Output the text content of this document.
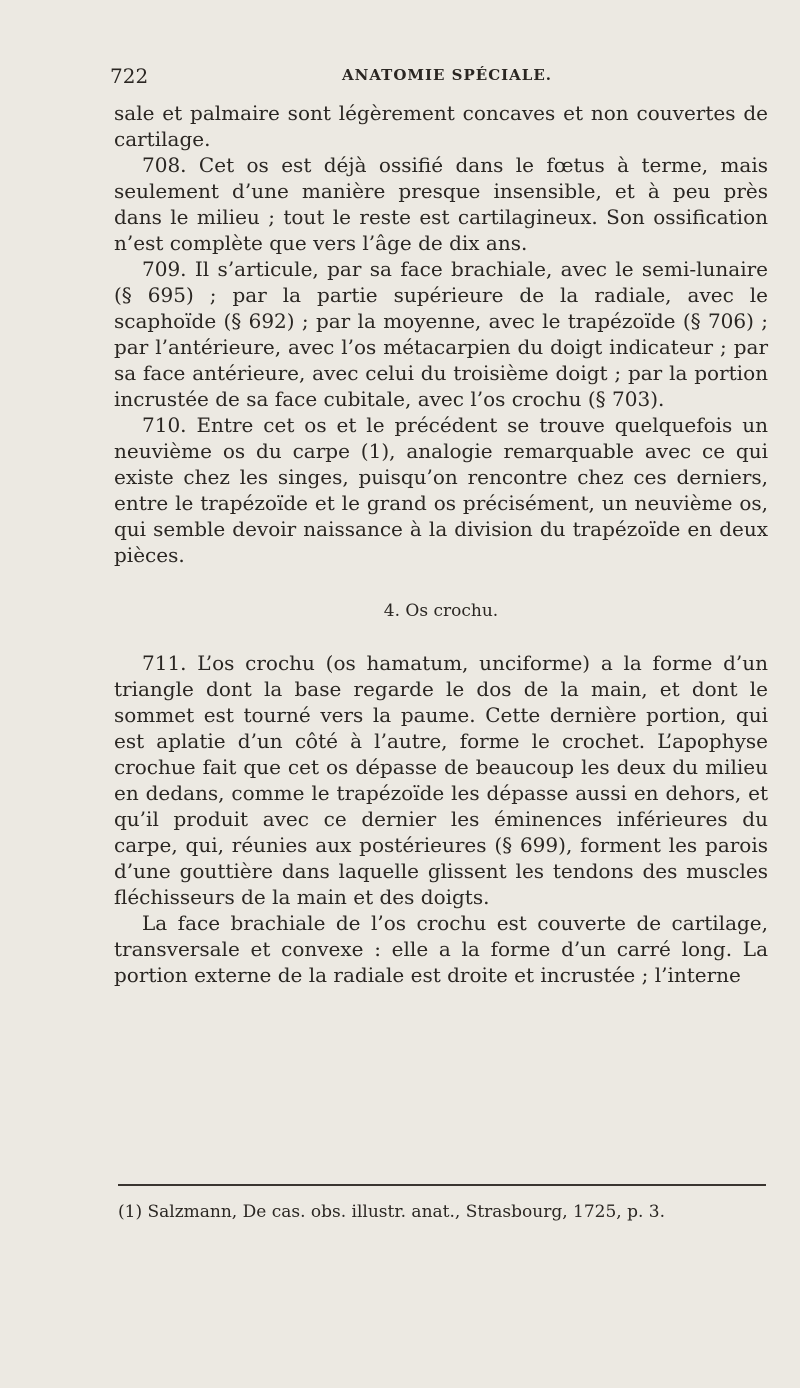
722	ANATOMIE SPÉCIALE.

sale et palmaire sont légèrement concaves et non couvertes de cartilage.

708. Cet os est déjà ossifié dans le fœtus à terme, mais seulement d’une manière presque insensible, et à peu près dans le milieu ; tout le reste est cartilagineux. Son ossification n’est complète que vers l’âge de dix ans.

709. Il s’articule, par sa face brachiale, avec le semi-lunaire (§ 695) ; par la partie supérieure de la radiale, avec le scaphoïde (§ 692) ; par la moyenne, avec le trapézoïde (§ 706) ; par l’antérieure, avec l’os métacarpien du doigt indicateur ; par sa face antérieure, avec celui du troisième doigt ; par la portion incrustée de sa face cubitale, avec l’os crochu (§ 703).

710. Entre cet os et le précédent se trouve quelquefois un neuvième os du carpe (1), analogie remarquable avec ce qui existe chez les singes, puisqu’on rencontre chez ces derniers, entre le trapézoïde et le grand os précisément, un neuvième os, qui semble devoir naissance à la division du trapézoïde en deux pièces.

4. Os crochu.

711. L’os crochu (os hamatum, unciforme) a la forme d’un triangle dont la base regarde le dos de la main, et dont le sommet est tourné vers la paume. Cette dernière portion, qui est aplatie d’un côté à l’autre, forme le crochet. L’apophyse crochue fait que cet os dépasse de beaucoup les deux du milieu en dedans, comme le trapézoïde les dépasse aussi en dehors, et qu’il produit avec ce dernier les éminences inférieures du carpe, qui, réunies aux postérieures (§ 699), forment les parois d’une gouttière dans laquelle glissent les tendons des muscles fléchisseurs de la main et des doigts.

La face brachiale de l’os crochu est couverte de cartilage, transversale et convexe : elle a la forme d’un carré long. La portion externe de la radiale est droite et incrustée ; l’interne

(1) Salzmann, De cas. obs. illustr. anat., Strasbourg, 1725, p. 3.
